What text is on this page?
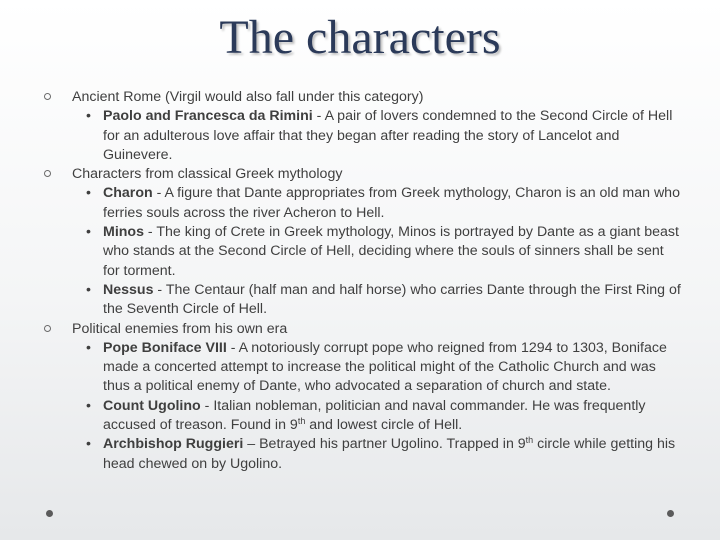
The characters
Ancient Rome (Virgil would also fall under this category)
• Paolo and Francesca da Rimini - A pair of lovers condemned to the Second Circle of Hell for an adulterous love affair that they began after reading the story of Lancelot and Guinevere.
Characters from classical Greek mythology
• Charon - A figure that Dante appropriates from Greek mythology, Charon is an old man who ferries souls across the river Acheron to Hell.
• Minos - The king of Crete in Greek mythology, Minos is portrayed by Dante as a giant beast who stands at the Second Circle of Hell, deciding where the souls of sinners shall be sent for torment.
• Nessus - The Centaur (half man and half horse) who carries Dante through the First Ring of the Seventh Circle of Hell.
Political enemies from his own era
• Pope Boniface VIII - A notoriously corrupt pope who reigned from 1294 to 1303, Boniface made a concerted attempt to increase the political might of the Catholic Church and was thus a political enemy of Dante, who advocated a separation of church and state.
• Count Ugolino - Italian nobleman, politician and naval commander. He was frequently accused of treason. Found in 9th and lowest circle of Hell.
• Archbishop Ruggieri – Betrayed his partner Ugolino. Trapped in 9th circle while getting his head chewed on by Ugolino.
